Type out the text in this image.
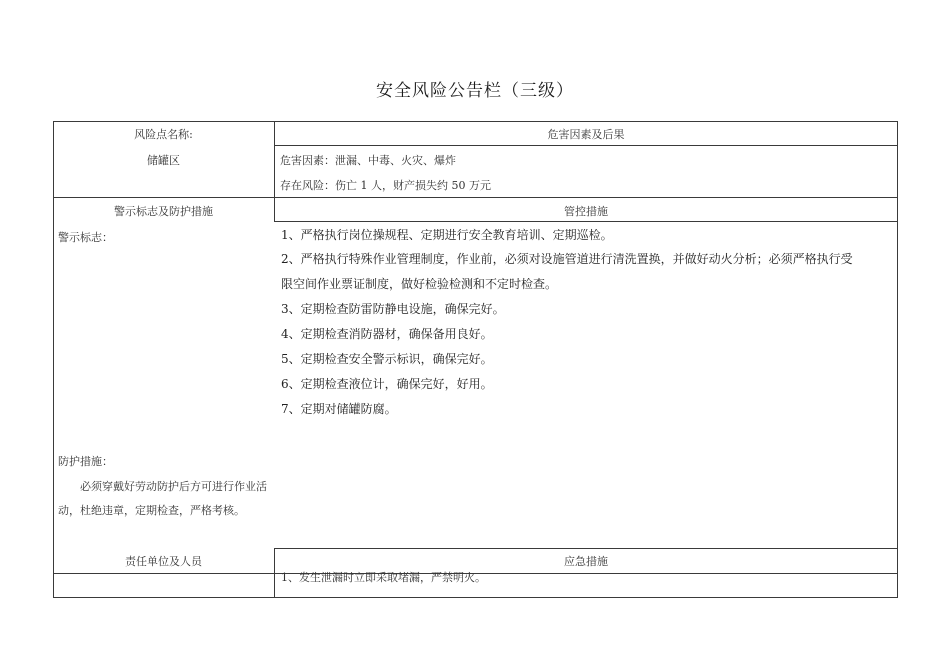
安全风险公告栏（三级）
风险点名称:
储罐区
危害因素及后果
危害因素：泄漏、中毒、火灾、爆炸
存在风险：伤亡 1 人，财产损失约 50 万元
警示标志及防护措施	管控措施
警示标志：
防护措施：
必须穿戴好劳动防护后方可进行作业活
动，杜绝违章，定期检查，严格考核。
1、严格执行岗位操规程、定期进行安全教育培训、定期巡检。
2、严格执行特殊作业管理制度，作业前，必须对设施管道进行清洗置换，并做好动火分析；必须严格执行受
限空间作业票证制度，做好检验检测和不定时检查。
3、定期检查防雷防静电设施，确保完好。
4、定期检查消防器材，确保备用良好。
5、定期检查安全警示标识，确保完好。
6、定期检查液位计，确保完好，好用。
7、定期对储罐防腐。
责任单位及人员	应急措施
1、发生泄漏时立即采取堵漏，严禁明火。
